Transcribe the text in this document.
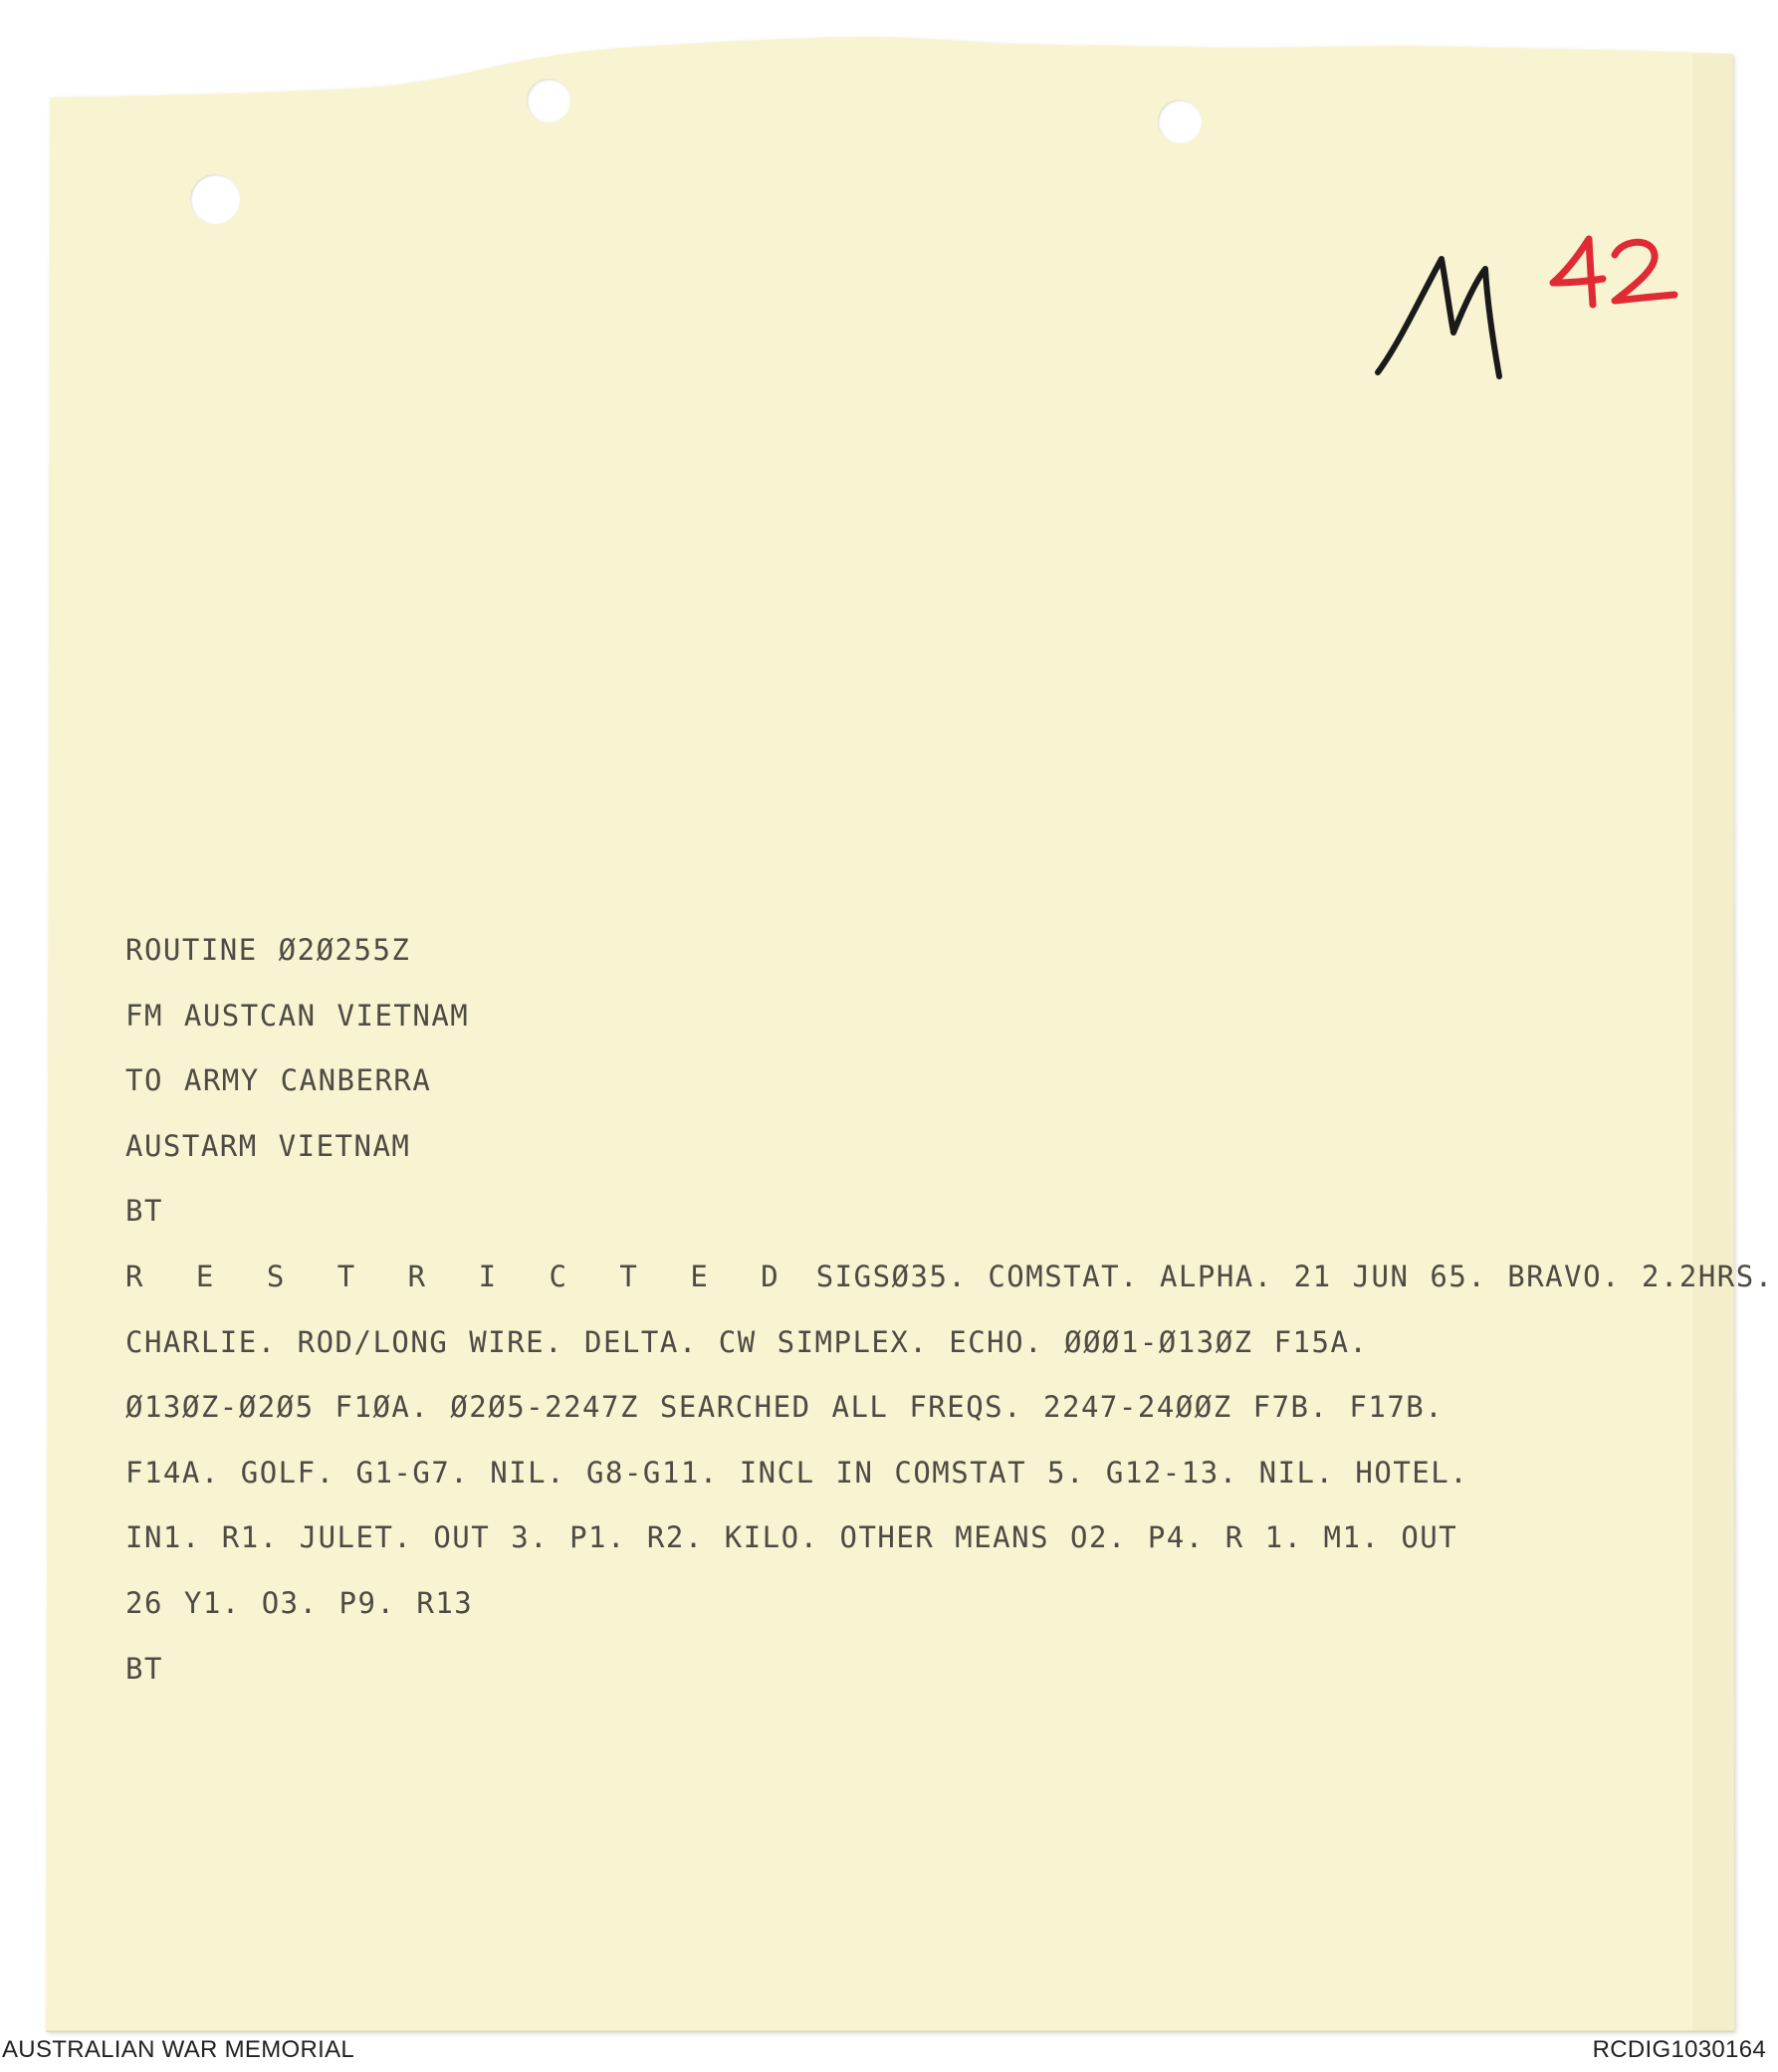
ROUTINE Ø2Ø255Z
FM AUSTCAN VIETNAM
TO ARMY CANBERRA
AUSTARM VIETNAM
BT
R E S T R I C T E D SIGSØ35. COMSTAT. ALPHA. 21 JUN 65. BRAVO. 2.2HRS.
CHARLIE. ROD/LONG WIRE. DELTA. CW SIMPLEX. ECHO. ØØØ1-Ø13ØZ F15A.
Ø13ØZ-Ø2Ø5 F1ØA. Ø2Ø5-2247Z SEARCHED ALL FREQS. 2247-24ØØZ F7B. F17B.
F14A. GOLF. G1-G7. NIL. G8-G11. INCL IN COMSTAT 5. G12-13. NIL. HOTEL.
IN1. R1. JULET. OUT 3. P1. R2. KILO. OTHER MEANS O2. P4. R 1. M1. OUT
26 Y1. O3. P9. R13
BT
AUSTRALIAN WAR MEMORIAL	RCDIG1030164
